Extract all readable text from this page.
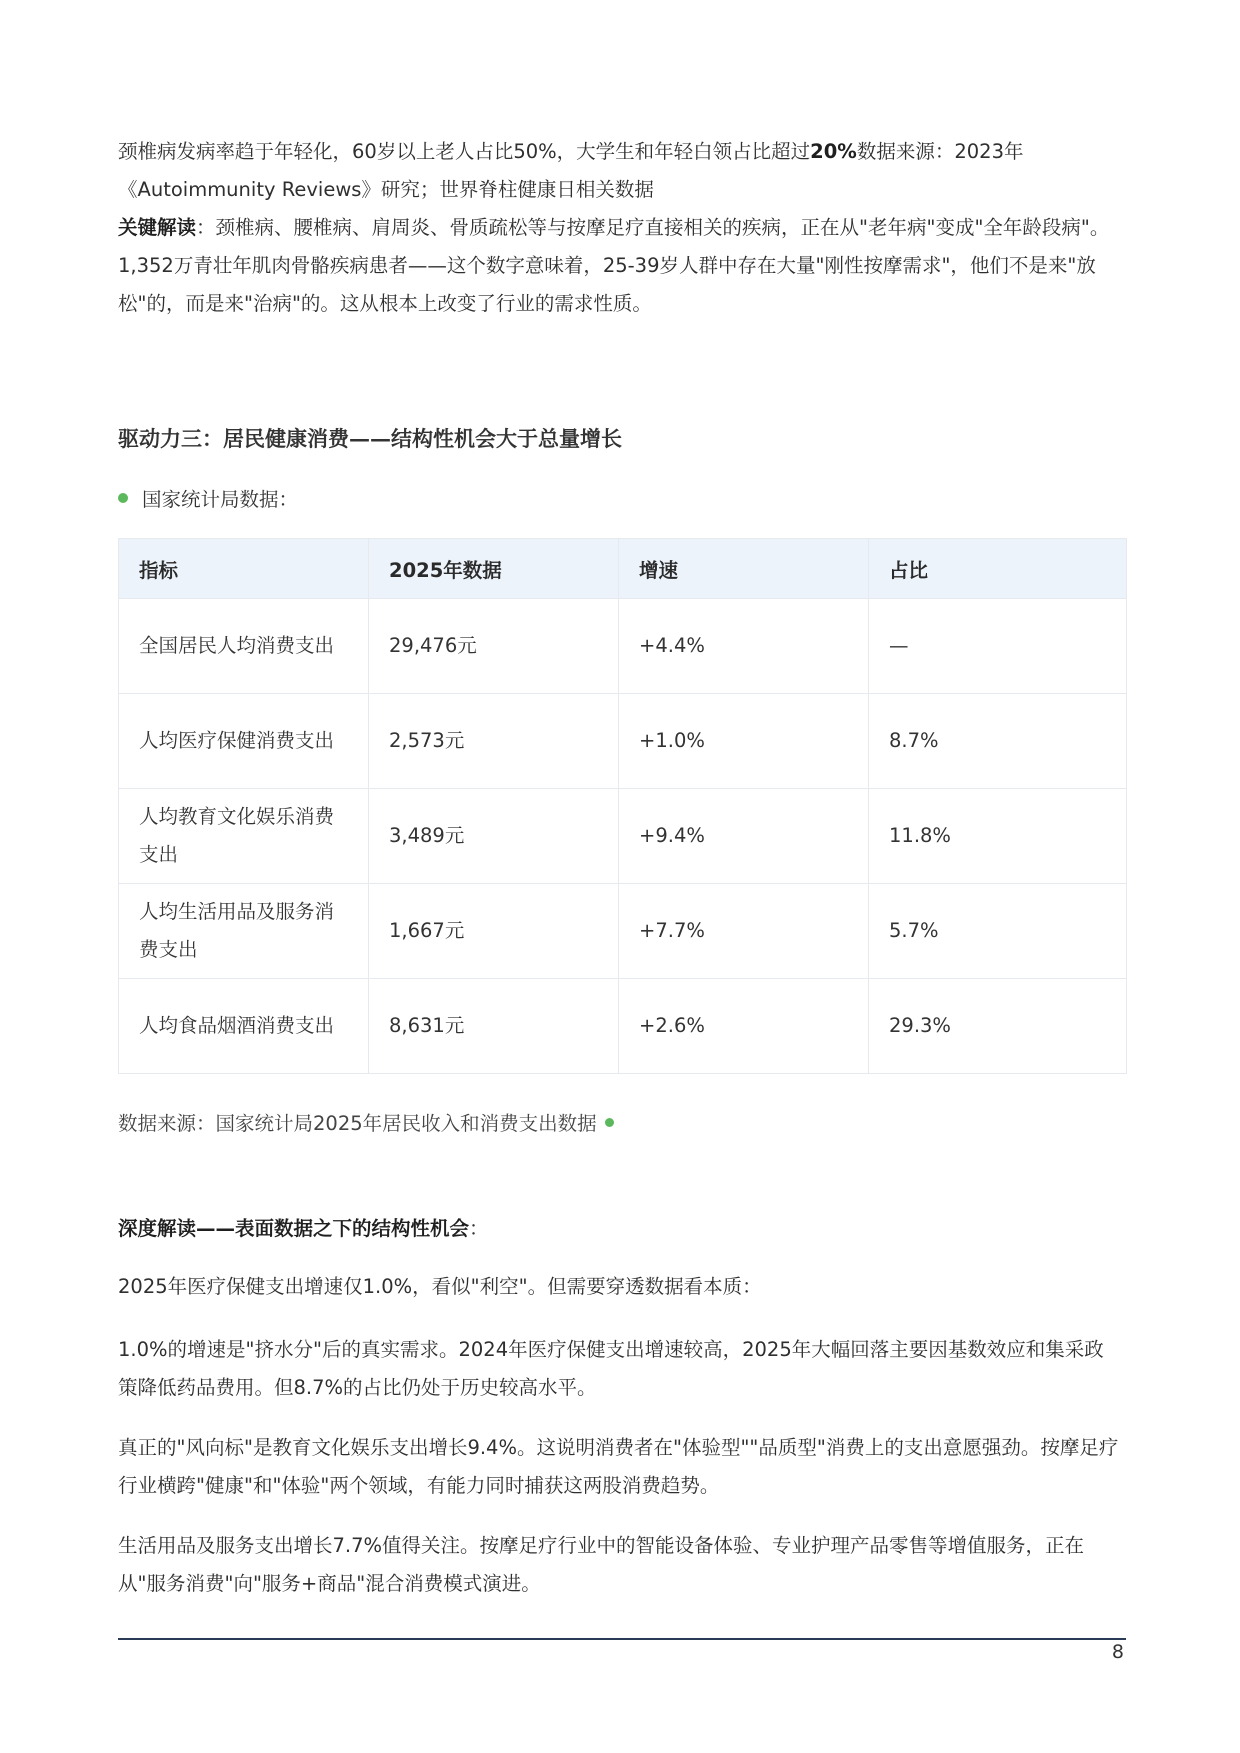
颈椎病发病率趋于年轻化，60岁以上老人占比50%，大学生和年轻白领占比超过20%数据来源：2023年《Autoimmunity Reviews》研究；世界脊柱健康日相关数据

关键解读：颈椎病、腰椎病、肩周炎、骨质疏松等与按摩足疗直接相关的疾病，正在从"老年病"变成"全年龄段病"。1,352万青壮年肌肉骨骼疾病患者——这个数字意味着，25-39岁人群中存在大量"刚性按摩需求"，他们不是来"放松"的，而是来"治病"的。这从根本上改变了行业的需求性质。

驱动力三：居民健康消费——结构性机会大于总量增长
国家统计局数据：
指标	2025年数据	增速	占比
全国居民人均消费支出	29,476元	+4.4%	—
人均医疗保健消费支出	2,573元	+1.0%	8.7%
人均教育文化娱乐消费支出	3,489元	+9.4%	11.8%
人均生活用品及服务消费支出	1,667元	+7.7%	5.7%
人均食品烟酒消费支出	8,631元	+2.6%	29.3%
数据来源：国家统计局2025年居民收入和消费支出数据
深度解读——表面数据之下的结构性机会：

2025年医疗保健支出增速仅1.0%，看似"利空"。但需要穿透数据看本质：

1.0%的增速是"挤水分"后的真实需求。2024年医疗保健支出增速较高，2025年大幅回落主要因基数效应和集采政策降低药品费用。但8.7%的占比仍处于历史较高水平。

真正的"风向标"是教育文化娱乐支出增长9.4%。这说明消费者在"体验型""品质型"消费上的支出意愿强劲。按摩足疗行业横跨"健康"和"体验"两个领域，有能力同时捕获这两股消费趋势。

生活用品及服务支出增长7.7%值得关注。按摩足疗行业中的智能设备体验、专业护理产品零售等增值服务，正在从"服务消费"向"服务+商品"混合消费模式演进。

8
